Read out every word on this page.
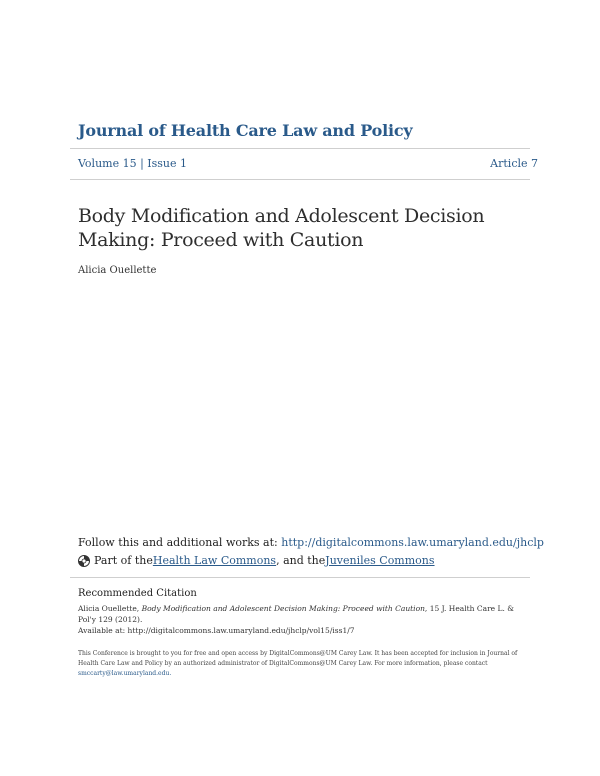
Journal of Health Care Law and Policy
Volume 15 | Issue 1	Article 7
Body Modification and Adolescent Decision Making: Proceed with Caution
Alicia Ouellette
Follow this and additional works at: http://digitalcommons.law.umaryland.edu/jhclp
Part of the Health Law Commons , and the Juveniles Commons
Recommended Citation
Alicia Ouellette, Body Modification and Adolescent Decision Making: Proceed with Caution, 15 J. Health Care L. & Pol'y 129 (2012).
Available at: http://digitalcommons.law.umaryland.edu/jhclp/vol15/iss1/7
This Conference is brought to you for free and open access by DigitalCommons@UM Carey Law. It has been accepted for inclusion in Journal of Health Care Law and Policy by an authorized administrator of DigitalCommons@UM Carey Law. For more information, please contact
smccarty@law.umaryland.edu.
